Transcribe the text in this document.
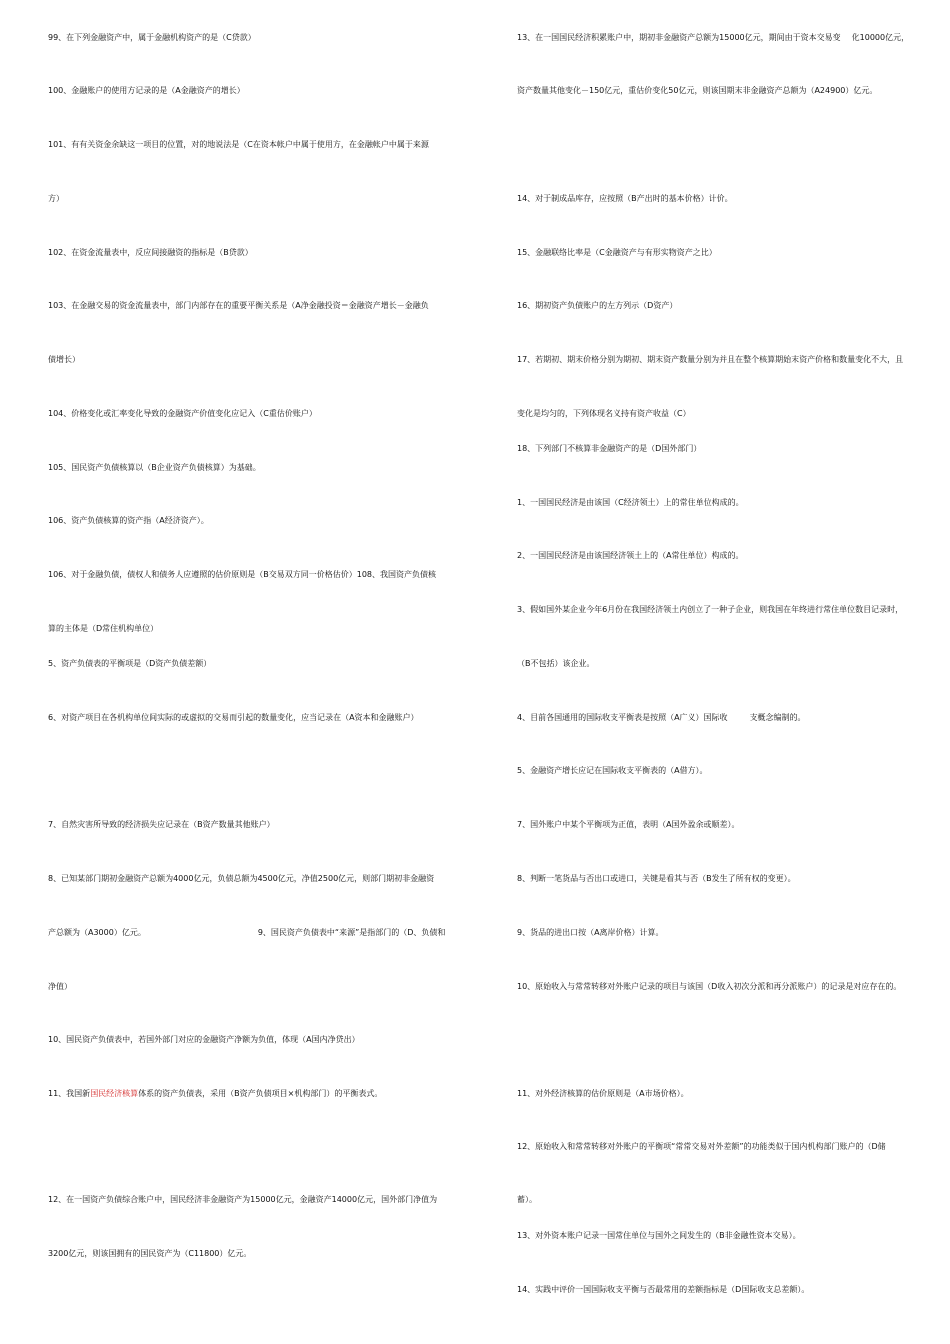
99、在下列金融资产中，属于金融机构资产的是（C贷款）
100、金融账户的使用方记录的是（A金融资产的增长）
101、有有关资金余缺这一项目的位置，对的地说法是（C在资本帐户中属于使用方，在金融帐户中属于来源
方）
102、在资金流量表中，反应间接融资的指标是（B贷款）
103、在金融交易的资金流量表中，部门内部存在的重要平衡关系是（A净金融投资＝金融资产增长－金融负
债增长）
104、价格变化或汇率变化导致的金融资产价值变化应记入（C重估价账户）
105、国民资产负债核算以（B企业资产负债核算）为基础。
106、资产负债核算的资产指（A经济资产）。
106、对于金融负债，债权人和债务人应遵照的估价原则是（B交易双方同一价格估价）108、我国资产负债核
算的主体是（D常住机构单位）
5、资产负债表的平衡项是（D资产负债差额）
6、对资产项目在各机构单位间实际的或虚拟的交易而引起的数量变化，应当记录在（A资本和金融账户）
7、自然灾害所导致的经济损失应记录在（B资产数量其他账户）
8、已知某部门期初金融资产总额为4000亿元，负债总额为4500亿元，净值2500亿元，则部门期初非金融资
产总额为（A3000）亿元。	9、国民资产负债表中“来源”是指部门的（D、负债和
净值）
10、国民资产负债表中，若国外部门对应的金融资产净额为负值，体现（A国内净贷出）
11、我国新国民经济核算体系的资产负债表，采用（B资产负债项目×机构部门）的平衡表式。
12、在一国资产负债综合账户中，国民经济非金融资产为15000亿元，金融资产14000亿元，国外部门净值为
3200亿元，则该国拥有的国民资产为（C11800）亿元。
13、在一国国民经济积累账户中，期初非金融资产总额为15000亿元，期间由于资本交易变 化10000亿元，
资产数量其他变化－150亿元，重估价变化50亿元，则该国期末非金融资产总额为（A24900）亿元。
14、对于制成品库存，应按照（B产出时的基本价格）计价。
15、金融联络比率是（C金融资产与有形实物资产之比）
16、期初资产负债账户的左方列示（D资产）
17、若期初、期末价格分别为期初、期末资产数量分别为并且在整个核算期始末资产价格和数量变化不大，且
变化是均匀的，下列体现名义持有资产收益（C）
18、下列部门不核算非金融资产的是（D国外部门）
1、一国国民经济是由该国（C经济领土）上的常住单位构成的。
2、一国国民经济是由该国经济领土上的（A常住单位）构成的。
3、假如国外某企业今年6月份在我国经济领土内创立了一种子企业，则我国在年终进行常住单位数目记录时，
（B不包括）该企业。
4、目前各国通用的国际收支平衡表是按照（A广义）国际收	支概念编制的。
5、金融资产增长应记在国际收支平衡表的（A借方）。
7、国外账户中某个平衡项为正值，表明（A国外盈余或顺差）。
8、判断一笔货品与否出口或进口，关键是看其与否（B发生了所有权的变更）。
9、货品的进出口按（A离岸价格）计算。
10、原始收入与常常转移对外账户记录的项目与该国（D收入初次分派和再分派账户）的记录是对应存在的。
11、对外经济核算的估价原则是（A市场价格）。
12、原始收入和常常转移对外账户的平衡项“常常交易对外差额”的功能类似于国内机构部门账户的（D储
蓄）。
13、对外资本账户记录一国常住单位与国外之间发生的（B非金融性资本交易）。
14、实践中评价一国国际收支平衡与否最常用的差额指标是（D国际收支总差额）。
